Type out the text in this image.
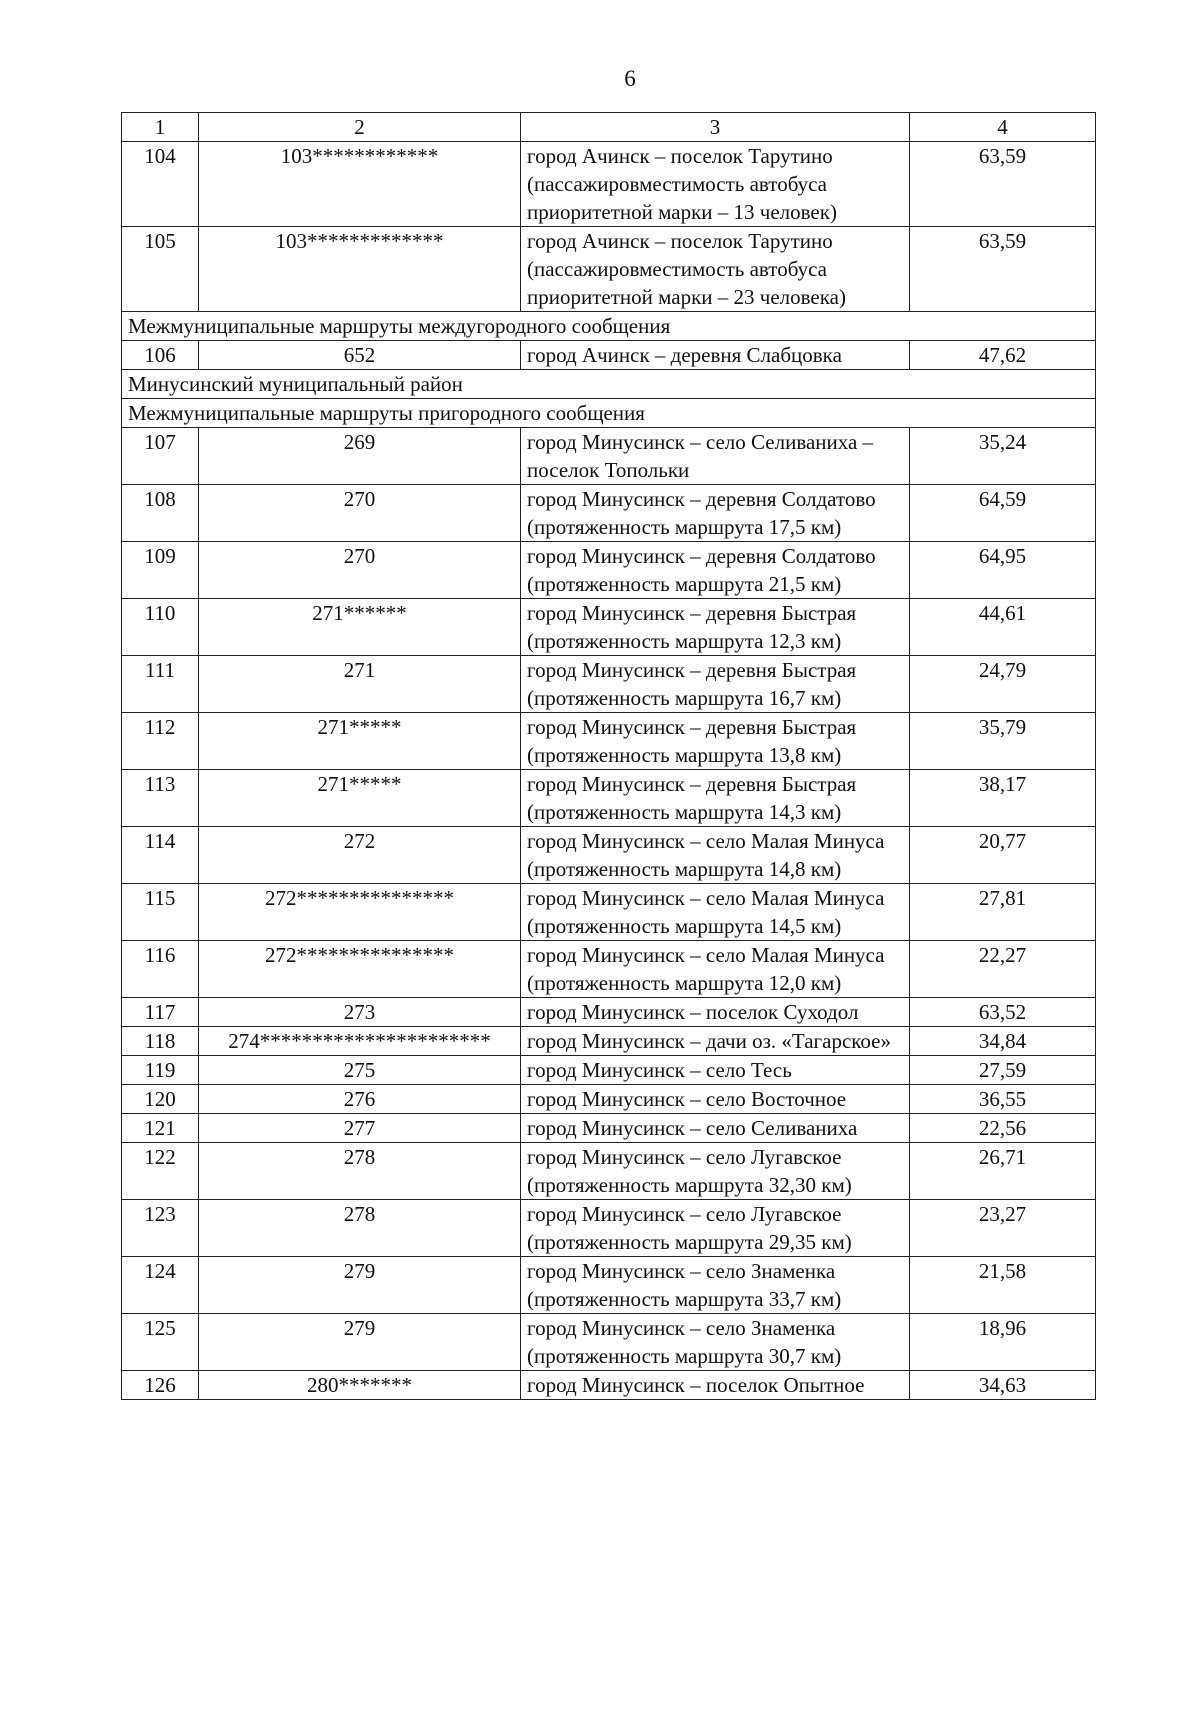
6
1	2	3	4
104	103************	город Ачинск – поселок Тарутино (пассажировместимость автобуса приоритетной марки – 13 человек)	63,59
105	103*************	город Ачинск – поселок Тарутино (пассажировместимость автобуса приоритетной марки – 23 человека)	63,59
Межмуниципальные маршруты междугородного сообщения			
106	652	город Ачинск – деревня Слабцовка	47,62
Минусинский муниципальный район			
Межмуниципальные маршруты пригородного сообщения			
107	269	город Минусинск – село Селиваниха – поселок Топольки	35,24
108	270	город Минусинск – деревня Солдатово (протяженность маршрута 17,5 км)	64,59
109	270	город Минусинск – деревня Солдатово (протяженность маршрута 21,5 км)	64,95
110	271******	город Минусинск – деревня Быстрая (протяженность маршрута 12,3 км)	44,61
111	271	город Минусинск – деревня Быстрая (протяженность маршрута 16,7 км)	24,79
112	271*****	город Минусинск – деревня Быстрая (протяженность маршрута 13,8 км)	35,79
113	271*****	город Минусинск – деревня Быстрая (протяженность маршрута 14,3 км)	38,17
114	272	город Минусинск – село Малая Минуса (протяженность маршрута 14,8 км)	20,77
115	272***************	город Минусинск – село Малая Минуса (протяженность маршрута 14,5 км)	27,81
116	272***************	город Минусинск – село Малая Минуса (протяженность маршрута 12,0 км)	22,27
117	273	город Минусинск – поселок Суходол	63,52
118	274**********************	город Минусинск – дачи оз. «Тагарское»	34,84
119	275	город Минусинск – село Тесь	27,59
120	276	город Минусинск – село Восточное	36,55
121	277	город Минусинск – село Селиваниха	22,56
122	278	город Минусинск – село Лугавское (протяженность маршрута 32,30 км)	26,71
123	278	город Минусинск – село Лугавское (протяженность маршрута 29,35 км)	23,27
124	279	город Минусинск – село Знаменка (протяженность маршрута 33,7 км)	21,58
125	279	город Минусинск – село Знаменка (протяженность маршрута 30,7 км)	18,96
126	280*******	город Минусинск – поселок Опытное	34,63
